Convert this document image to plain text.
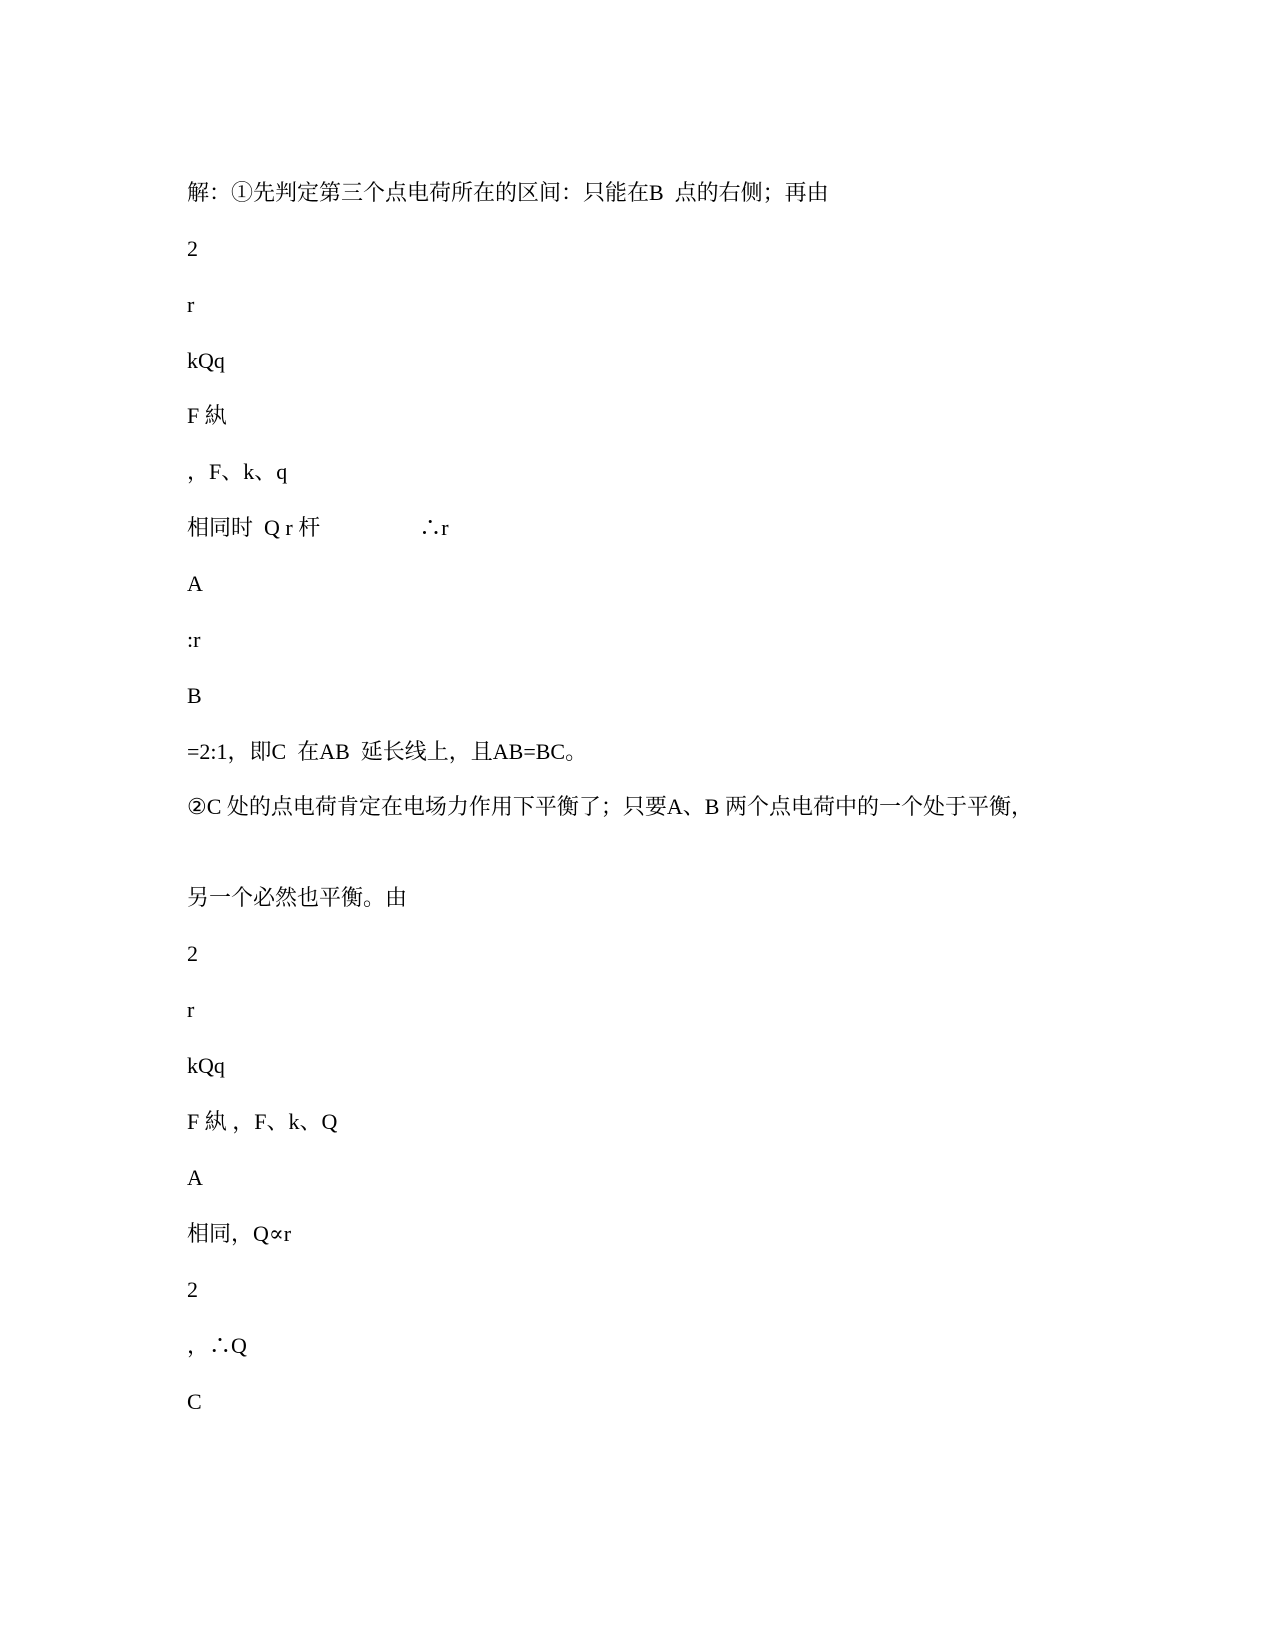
解：①先判定第三个点电荷所在的区间：只能在B  点的右侧；再由
2
r
kQq
F 紈
，F、k、q
相同时  Q r 杆                  ∴r
A
:r
B
=2:1，即C  在AB  延长线上，且AB=BC。
②C 处的点电荷肯定在电场力作用下平衡了；只要A、B 两个点电荷中的一个处于平衡，
另一个必然也平衡。由
2
r
kQq
F 紈 ，F、k、Q
A
相同，Q∝r
2
，∴Q
C
